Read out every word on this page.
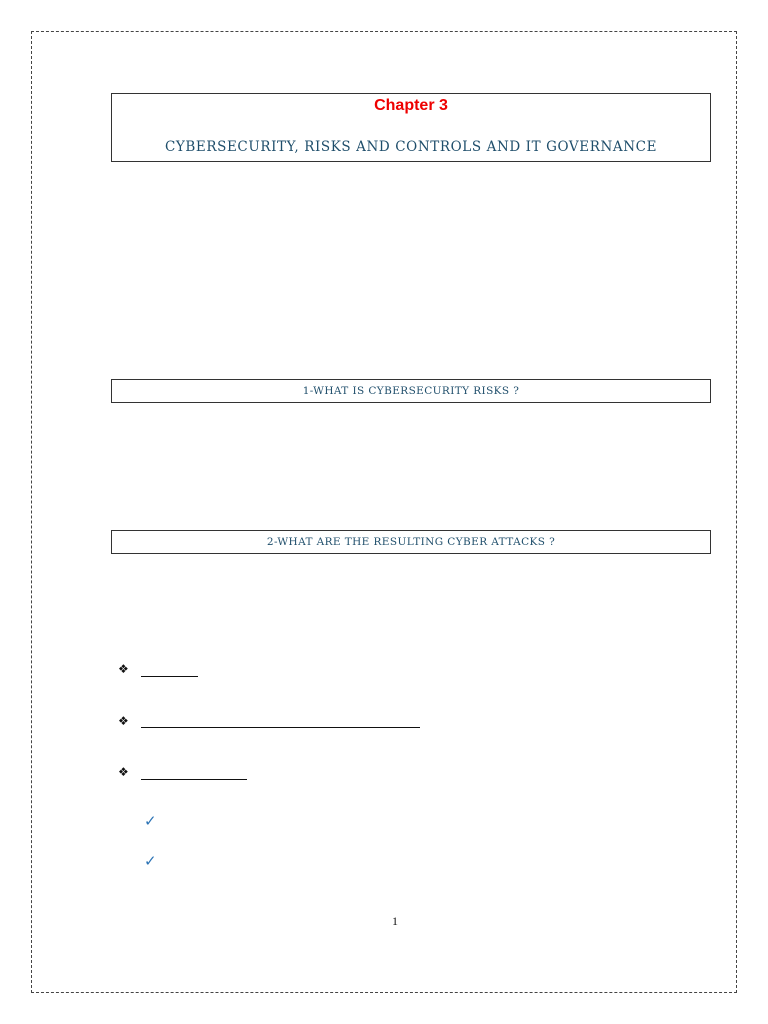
Chapter 3
CYBERSECURITY, RISKS AND CONTROLS AND IT GOVERNANCE
1-WHAT IS CYBERSECURITY RISKS ?
2-WHAT ARE THE RESULTING CYBER ATTACKS ?
❖
❖
❖
✓
✓
1
